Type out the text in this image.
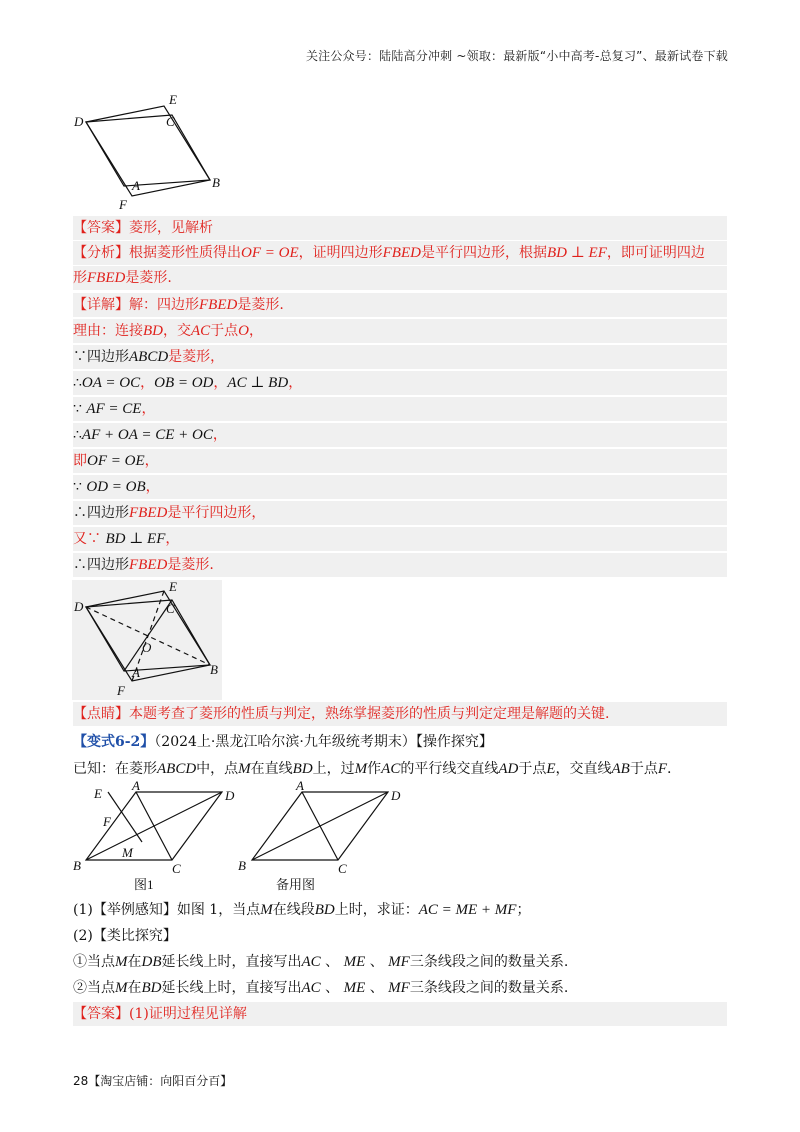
关注公众号：陆陆高分冲刺 ~领取：最新版“小中高考-总复习”、最新试卷下载
D
E
C
A	B
F
【答案】菱形，见解析
【分析】根据菱形性质得出OF = OE，证明四边形FBED是平行四边形，根据BD ⊥ EF，即可证明四边
形FBED是菱形.
【详解】解：四边形FBED是菱形.
理由：连接BD，交AC于点O，
∵四边形ABCD是菱形，
∴OA = OC，OB = OD，AC ⊥ BD，
∵ AF = CE，
∴AF + OA = CE + OC，
即OF = OE，
∵ OD = OB，
∴四边形FBED是平行四边形，
又∵ BD ⊥ EF，
∴四边形FBED是菱形.
D
E
C
O
A	B
F
【点睛】本题考查了菱形的性质与判定，熟练掌握菱形的性质与判定定理是解题的关键.
【变式6-2】（2024上·黑龙江哈尔滨·九年级统考期末）【操作探究】
已知：在菱形ABCD中，点M在直线BD上，过M作AC的平行线交直线AD于点E，交直线AB于点F.
E
A
D
F
M
B	C
图1
A
D
B	C
备用图
(1)【举例感知】如图 1，当点M在线段BD上时，求证：AC = ME + MF；
(2)【类比探究】
①当点M在DB延长线上时，直接写出AC 、 ME 、 MF三条线段之间的数量关系.
②当点M在BD延长线上时，直接写出AC 、 ME 、 MF三条线段之间的数量关系.
【答案】(1)证明过程见详解
28【淘宝店铺：向阳百分百】
